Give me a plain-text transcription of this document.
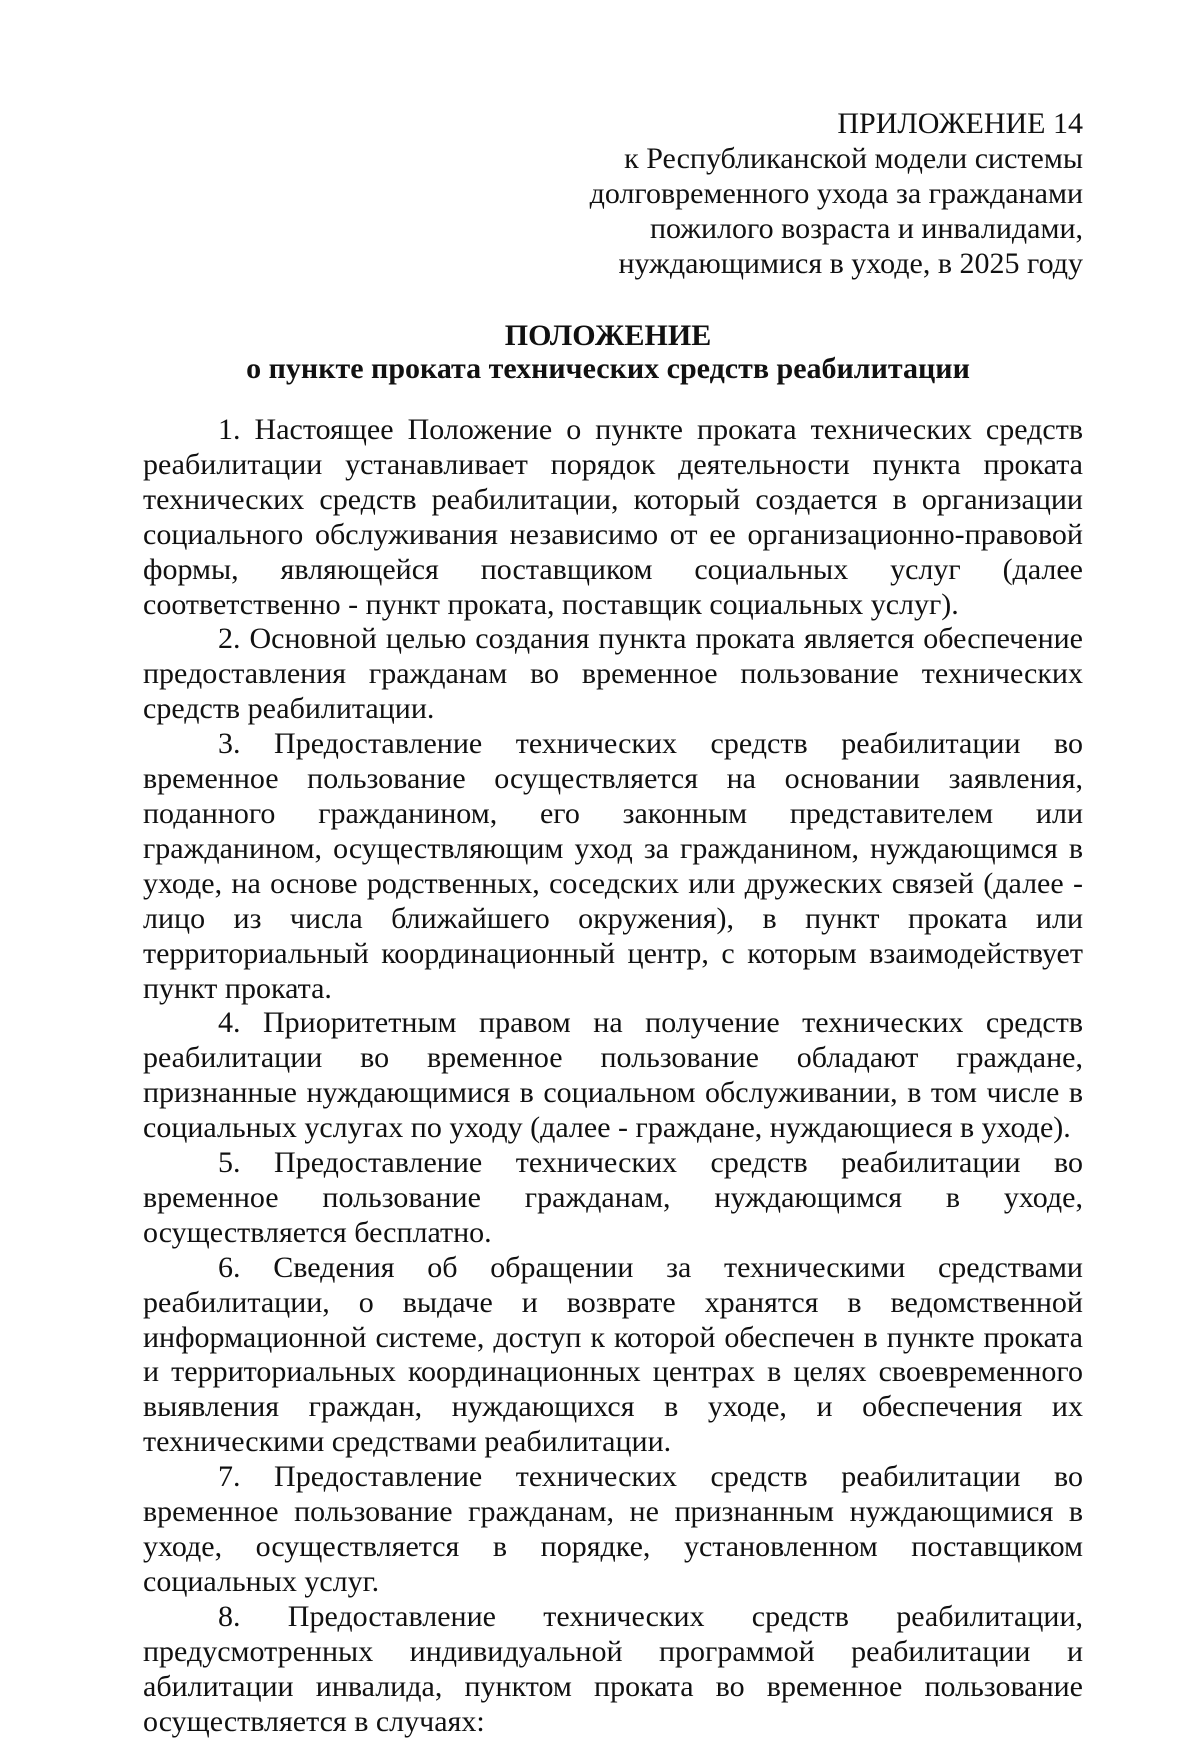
ПРИЛОЖЕНИЕ 14
к Республиканской модели системы
долговременного ухода за гражданами
пожилого возраста и инвалидами,
нуждающимися в уходе, в 2025 году
ПОЛОЖЕНИЕ
о пункте проката технических средств реабилитации

1. Настоящее Положение о пункте проката технических средств реабилитации устанавливает порядок деятельности пункта проката технических средств реабилитации, который создается в организации социального обслуживания независимо от ее организационно-правовой формы, являющейся поставщиком социальных услуг (далее соответственно - пункт проката, поставщик социальных услуг).

2. Основной целью создания пункта проката является обеспечение предоставления гражданам во временное пользование технических средств реабилитации.

3. Предоставление технических средств реабилитации во временное пользование осуществляется на основании заявления, поданного гражданином, его законным представителем или гражданином, осуществляющим уход за гражданином, нуждающимся в уходе, на основе родственных, соседских или дружеских связей (далее - лицо из числа ближайшего окружения), в пункт проката или территориальный координационный центр, с которым взаимодействует пункт проката.

4. Приоритетным правом на получение технических средств реабилитации во временное пользование обладают граждане, признанные нуждающимися в социальном обслуживании, в том числе в социальных услугах по уходу (далее - граждане, нуждающиеся в уходе).

5. Предоставление технических средств реабилитации во временное пользование гражданам, нуждающимся в уходе, осуществляется бесплатно.

6. Сведения об обращении за техническими средствами реабилитации, о выдаче и возврате хранятся в ведомственной информационной системе, доступ к которой обеспечен в пункте проката и территориальных координационных центрах в целях своевременного выявления граждан, нуждающихся в уходе, и обеспечения их техническими средствами реабилитации.

7. Предоставление технических средств реабилитации во временное пользование гражданам, не признанным нуждающимися в уходе, осуществляется в порядке, установленном поставщиком социальных услуг.

8. Предоставление технических средств реабилитации, предусмотренных индивидуальной программой реабилитации и абилитации инвалида, пунктом проката во временное пользование осуществляется в случаях:
